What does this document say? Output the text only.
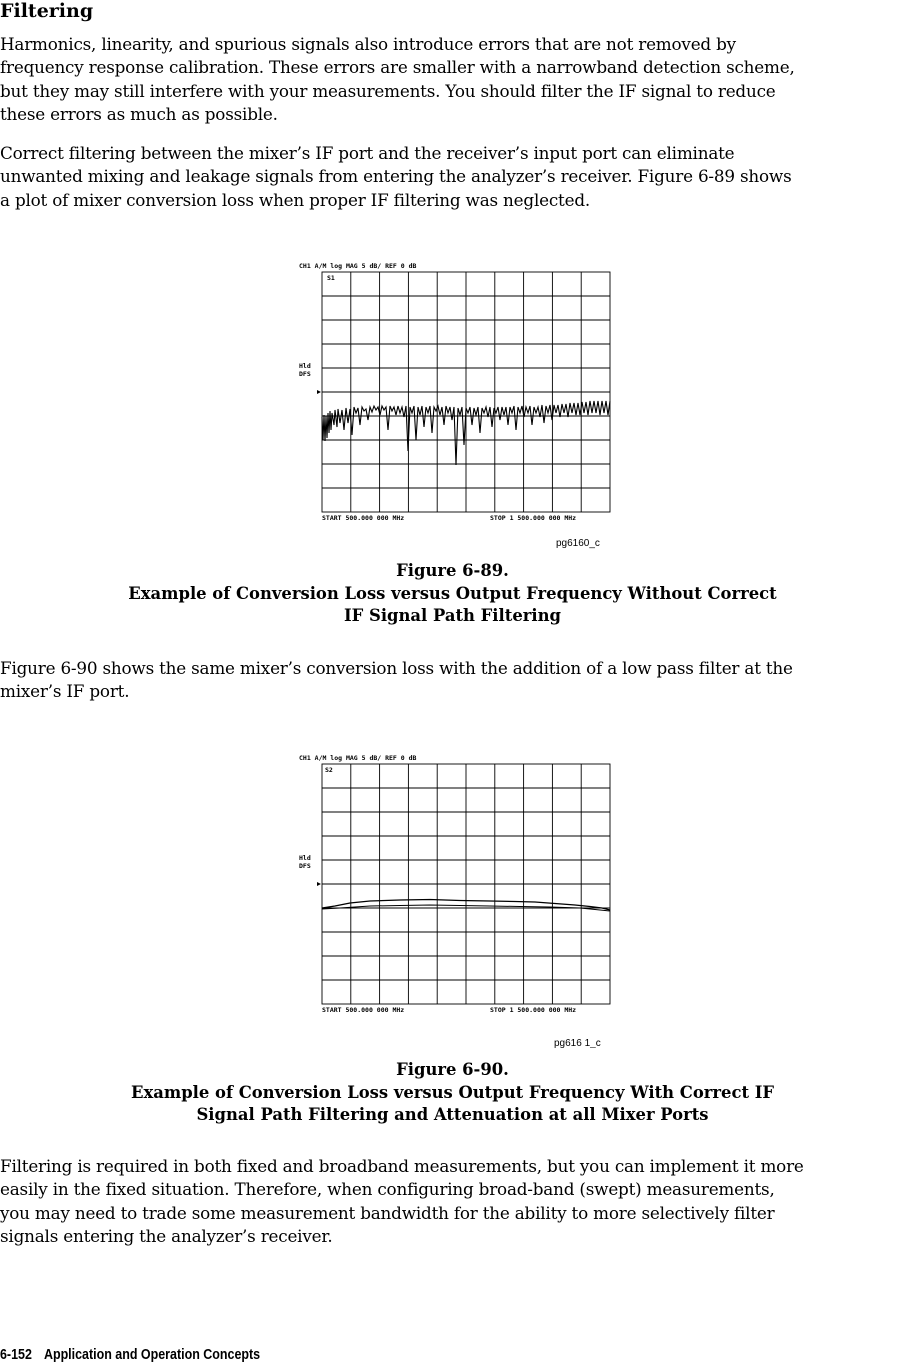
Filtering

Harmonics, linearity, and spurious signals also introduce errors that are not removed by
frequency response calibration. These errors are smaller with a narrowband detection scheme,
but they may still interfere with your measurements. You should filter the IF signal to reduce
these errors as much as possible.

Correct filtering between the mixer’s IF port and the receiver’s input port can eliminate
unwanted mixing and leakage signals from entering the analyzer’s receiver. Figure 6-89 shows
a plot of mixer conversion loss when proper IF filtering was neglected.

CH1 A/M log MAG 5 dB/ REF 0 dB
S1
Hld
DFS
START 500.000 000 MHz	STOP 1 500.000 000 MHz
pg6160_c
Figure 6-89.
Example of Conversion Loss versus Output Frequency Without Correct
IF Signal Path Filtering

Figure 6-90 shows the same mixer’s conversion loss with the addition of a low pass filter at the
mixer’s IF port.

CH1 A/M log MAG 5 dB/ REF 0 dB
S2
Hld
DFS
START 500.000 000 MHz	STOP 1 500.000 000 MHz
pg616 1_c
Figure 6-90.
Example of Conversion Loss versus Output Frequency With Correct IF
Signal Path Filtering and Attenuation at all Mixer Ports

Filtering is required in both fixed and broadband measurements, but you can implement it more
easily in the fixed situation. Therefore, when configuring broad-band (swept) measurements,
you may need to trade some measurement bandwidth for the ability to more selectively filter
signals entering the analyzer’s receiver.

6-152 Application and Operation Concepts
